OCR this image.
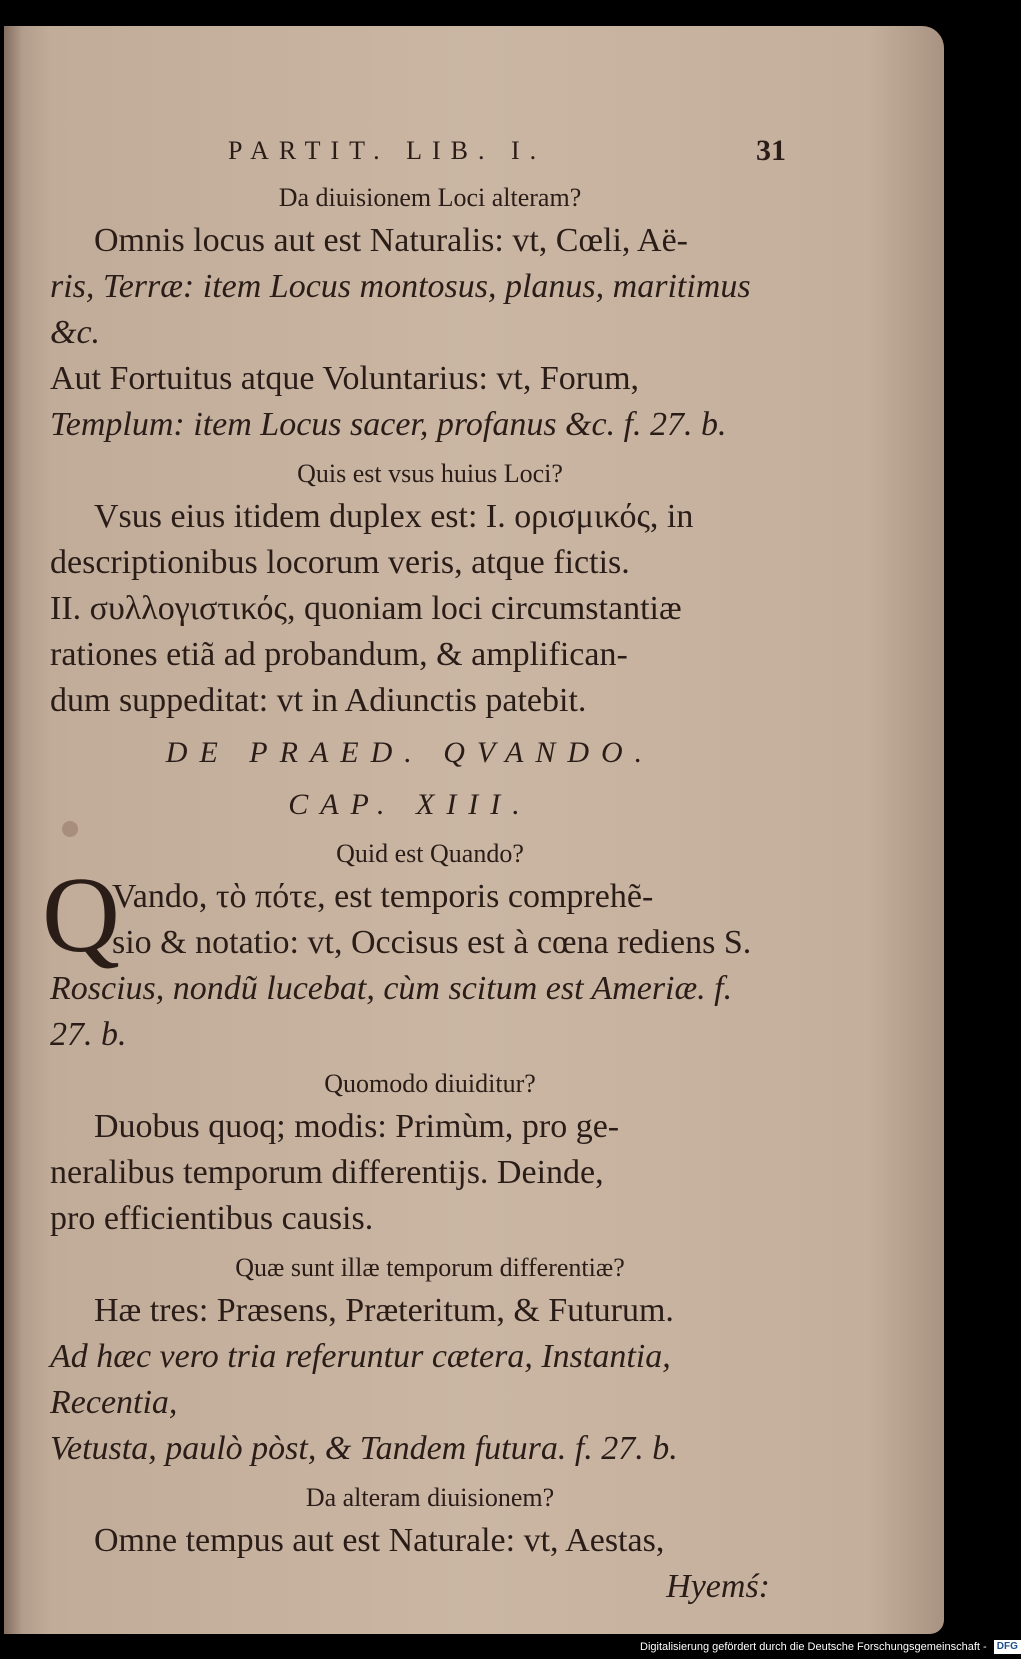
PARTIT. LIB. I.	31
Da diuisionem Loci alteram?
Omnis locus aut est Naturalis: vt, Cœli, Aë-
ris, Terræ: item Locus montosus, planus, maritimus &c.
Aut Fortuitus atque Voluntarius: vt, Forum,
Templum: item Locus sacer, profanus &c. f. 27. b.
Quis est vsus huius Loci?
Vsus eius itidem duplex est: I. ορισμικός, in
descriptionibus locorum veris, atque fictis.
II. συλλογιστικός, quoniam loci circumstantiæ
rationes etiã ad probandum, & amplifican-
dum suppeditat: vt in Adiunctis patebit.
DE PRAED. QVANDO.
CAP. XIII.
Quid est Quando?
Q
Vando, τὸ πότε, est temporis comprehẽ-
sio & notatio: vt, Occisus est à cœna rediens S.
Roscius, nondũ lucebat, cùm scitum est Ameriæ. f. 27. b.
Quomodo diuiditur?
Duobus quoq; modis: Primùm, pro ge-
neralibus temporum differentijs. Deinde,
pro efficientibus causis.
Quæ sunt illæ temporum differentiæ?
Hæ tres: Præsens, Præteritum, & Futurum.
Ad hæc vero tria referuntur cætera, Instantia, Recentia,
Vetusta, paulò pòst, & Tandem futura. f. 27. b.
Da alteram diuisionem?
Omne tempus aut est Naturale: vt, Aestas,
Hyemś:
Digitalisierung gefördert durch die Deutsche Forschungsgemeinschaft - DFG
